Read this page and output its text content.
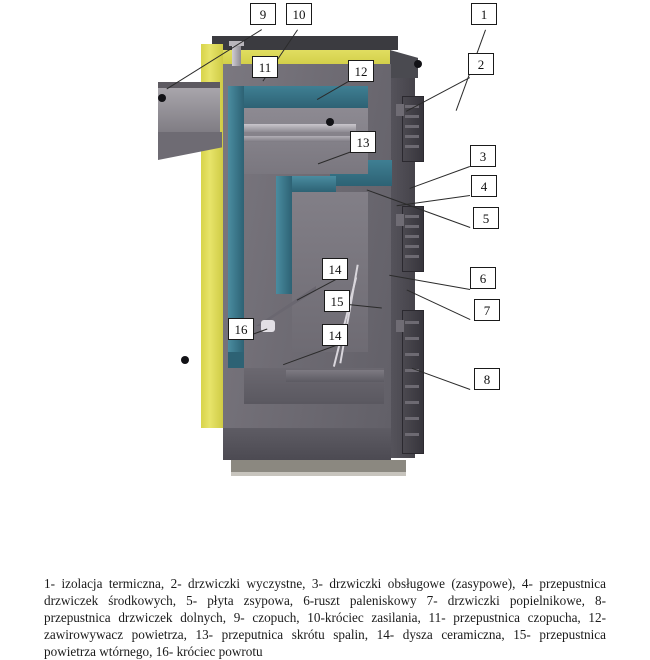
1
2
3
4
5
6
7
8
9	10
11	12
13
14
15
14
16
1- izolacja termiczna, 2- drzwiczki wyczystne, 3- drzwiczki obsługowe (zasypowe), 4- przepustnica drzwiczek środkowych, 5- płyta zsypowa, 6-ruszt paleniskowy 7- drzwiczki popielnikowe, 8- przepustnica drzwiczek dolnych, 9- czopuch, 10-króciec zasilania, 11- przepustnica czopucha, 12- zawirowywacz powietrza, 13- przeputnica skrótu spalin, 14- dysza ceramiczna, 15- przepustnica powietrza wtórnego, 16- króciec powrotu
